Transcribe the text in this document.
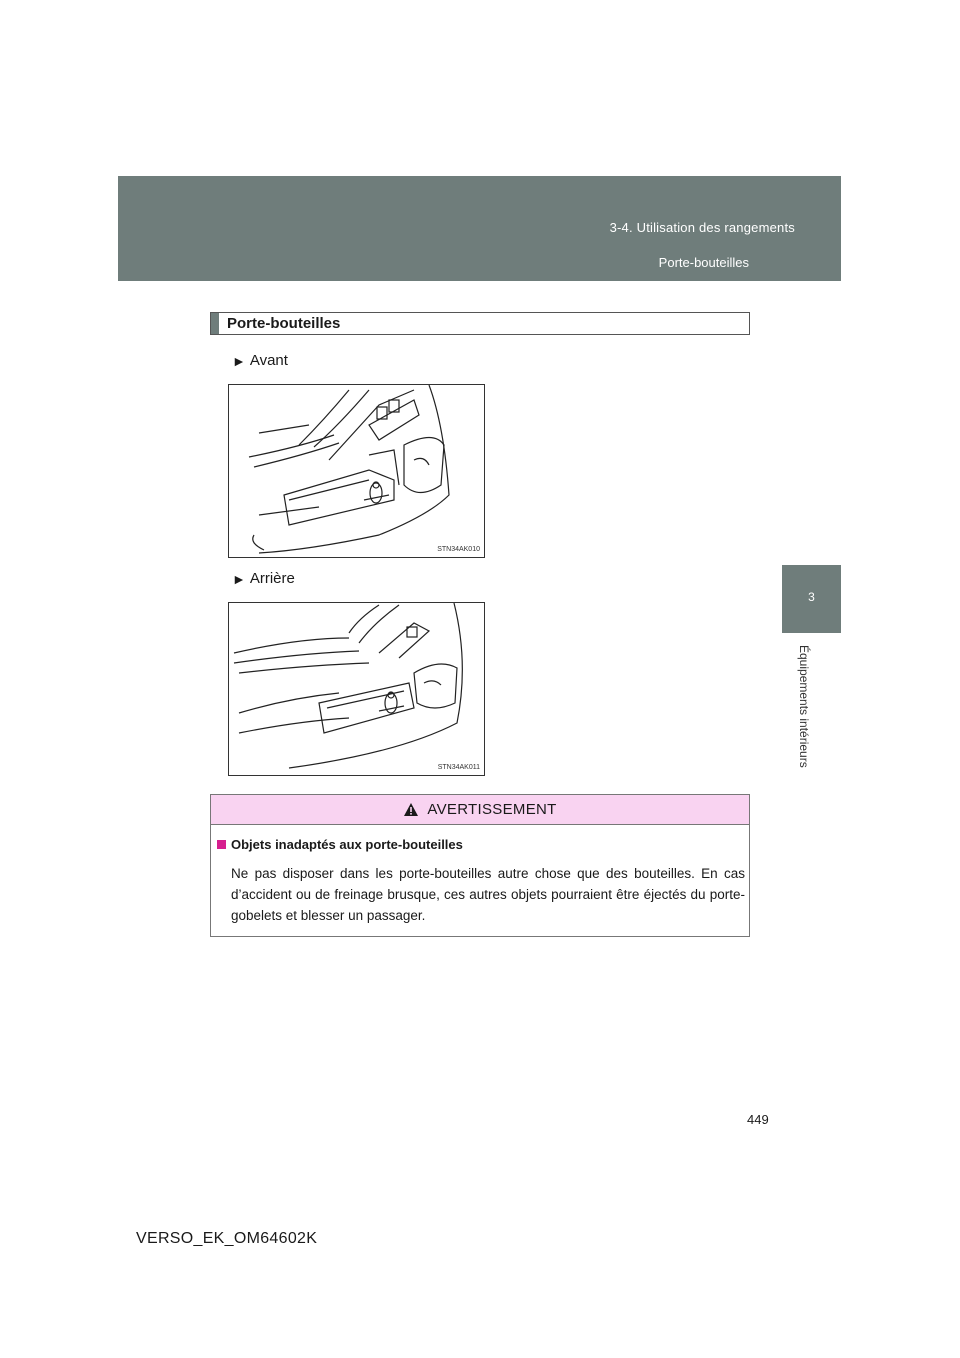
3-4. Utilisation des rangements
Porte-bouteilles
3
Équipements intérieurs
Porte-bouteilles
► Avant
STN34AK010
► Arrière
STN34AK011
AVERTISSEMENT
Objets inadaptés aux porte-bouteilles
Ne pas disposer dans les porte-bouteilles autre chose que des bouteilles. En cas d’accident ou de freinage brusque, ces autres objets pourraient être éjectés du porte-gobelets et blesser un passager.
449
VERSO_EK_OM64602K
